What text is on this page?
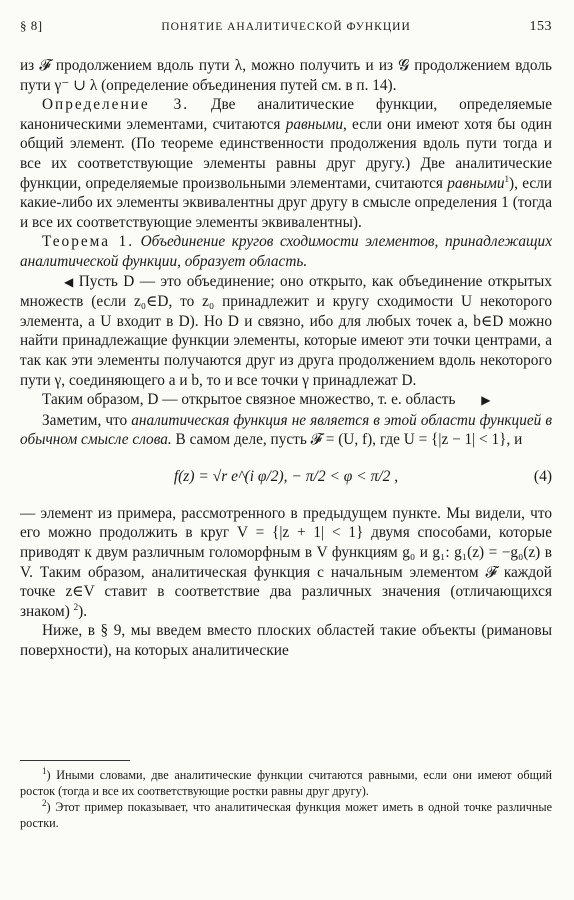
§ 8]	ПОНЯТИЕ АНАЛИТИЧЕСКОЙ ФУНКЦИИ	153

из 𝓕 продолжением вдоль пути λ, можно получить и из 𝓖 продолжением вдоль пути γ⁻ ∪ λ (определение объединения путей см. в п. 14).

Определение 3. Две аналитические функции, определяемые каноническими элементами, считаются равными, если они имеют хотя бы один общий элемент. (По теореме единственности продолжения вдоль пути тогда и все их соответствующие элементы равны друг другу.) Две аналитические функции, определяемые произвольными элементами, считаются равными$^1$), если какие-либо их элементы эквивалентны друг другу в смысле определения 1 (тогда и все их соответствующие элементы эквивалентны).

Теорема 1. Объединение кругов сходимости элементов, принадлежащих аналитической функции, образует область.

◀ Пусть D — это объединение; оно открыто, как объединение открытых множеств (если z₀∈D, то z₀ принадлежит и кругу сходимости U некоторого элемента, а U входит в D). Но D и связно, ибо для любых точек a, b∈D можно найти принадлежащие функции элементы, которые имеют эти точки центрами, а так как эти элементы получаются друг из друга продолжением вдоль некоторого пути γ, соединяющего a и b, то и все точки γ принадлежат D.

Таким образом, D — открытое связное множество, т. е. область ▶

Заметим, что аналитическая функция не является в этой области функцией в обычном смысле слова. В самом деле, пусть 𝓕 = (U, f), где U = {|z − 1| < 1}, и

f(z) = √r e^(i φ/2), − π/2 < φ < π/2 ,	(4)

— элемент из примера, рассмотренного в предыдущем пункте. Мы видели, что его можно продолжить в круг V = {|z + 1| < 1} двумя способами, которые приводят к двум различным голоморфным в V функциям g₀ и g₁: g₁(z) = −g₀(z) в V. Таким образом, аналитическая функция с начальным элементом 𝓕 каждой точке z∈V ставит в соответствие два различных значения (отличающихся знаком) $^2$).

Ниже, в § 9, мы введем вместо плоских областей такие объекты (римановы поверхности), на которых аналитические

$^1$) Иными словами, две аналитические функции считаются равными, если они имеют общий росток (тогда и все их соответствующие ростки равны друг другу).

$^2$) Этот пример показывает, что аналитическая функция может иметь в одной точке различные ростки.
